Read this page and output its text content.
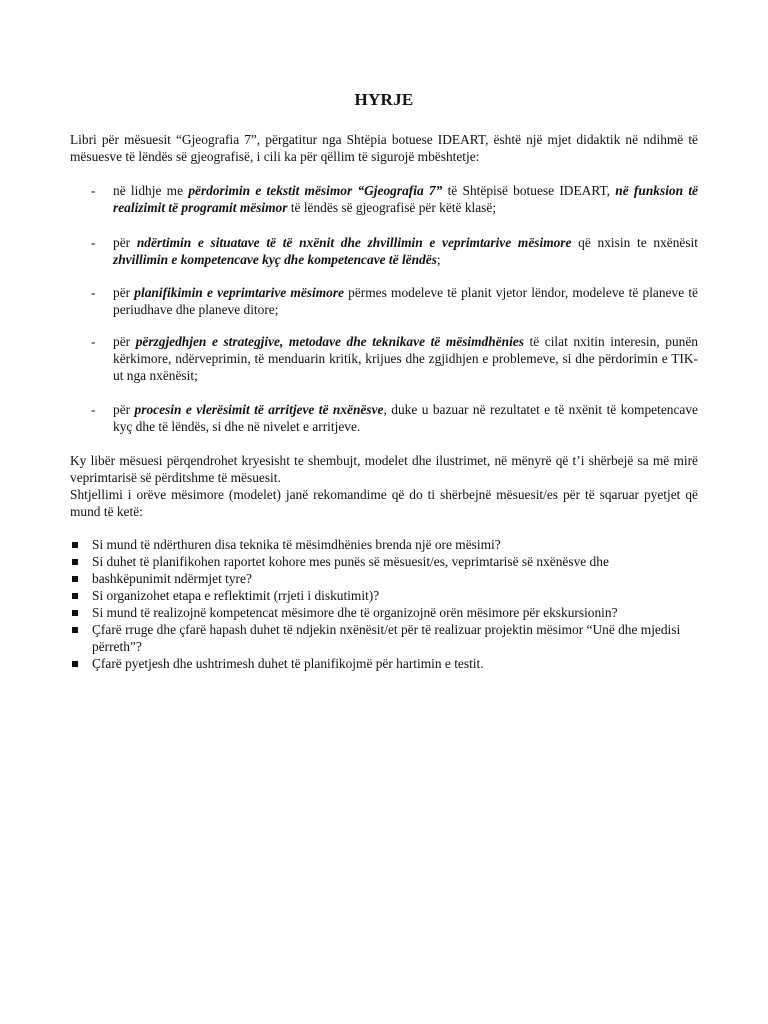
HYRJE
Libri për mësuesit “Gjeografia 7”, përgatitur nga Shtëpia botuese IDEART, është një mjet didaktik në ndihmë të mësuesve të lëndës së gjeografisë, i cili ka për qëllim të sigurojë mbështetje:
- në lidhje me përdorimin e tekstit mësimor “Gjeografia 7” të Shtëpisë botuese IDEART, në funksion të realizimit të programit mësimor të lëndës së gjeografisë për këtë klasë;
- për ndërtimin e situatave të të nxënit dhe zhvillimin e veprimtarive mësimore që nxisin te nxënësit zhvillimin e kompetencave kyç dhe kompetencave të lëndës;
- për planifikimin e veprimtarive mësimore përmes modeleve të planit vjetor lëndor, modeleve të planeve të periudhave dhe planeve ditore;
- për përzgjedhjen e strategjive, metodave dhe teknikave të mësimdhënies të cilat nxitin interesin, punën kërkimore, ndërveprimin, të menduarin kritik, krijues dhe zgjidhjen e problemeve, si dhe përdorimin e TIK-ut nga nxënësit;
- për procesin e vlerësimit të arritjeve të nxënësve, duke u bazuar në rezultatet e të nxënit të kompetencave kyç dhe të lëndës, si dhe në nivelet e arritjeve.
Ky libër mësuesi përqendrohet kryesisht te shembujt, modelet dhe ilustrimet, në mënyrë që t’i shërbejë sa më mirë veprimtarisë së përditshme të mësuesit.
Shtjellimi i orëve mësimore (modelet) janë rekomandime që do ti shërbejnë mësuesit/es për të sqaruar pyetjet që mund të ketë:
Si mund të ndërthuren disa teknika të mësimdhënies brenda një ore mësimi?
Si duhet të planifikohen raportet kohore mes punës së mësuesit/es, veprimtarisë së nxënësve dhe
bashkëpunimit ndërmjet tyre?
Si organizohet etapa e reflektimit (rrjeti i diskutimit)?
Si mund të realizojnë kompetencat mësimore dhe të organizojnë orën mësimore për ekskursionin?
Çfarë rruge dhe çfarë hapash duhet të ndjekin nxënësit/et për të realizuar projektin mësimor “Unë dhe mjedisi përreth”?
Çfarë pyetjesh dhe ushtrimesh duhet të planifikojmë për hartimin e testit.
